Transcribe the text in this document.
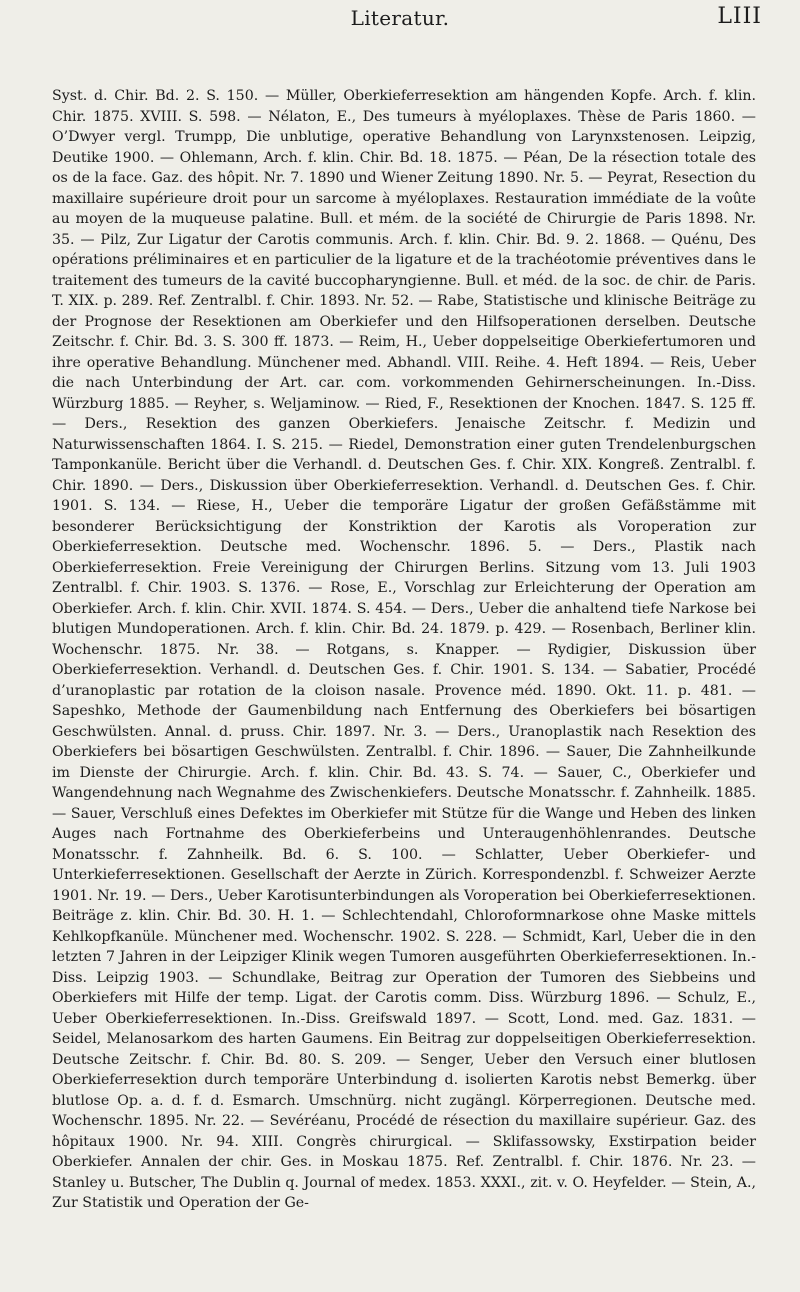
Literatur.	LIII

Syst. d. Chir. Bd. 2. S. 150. — Müller, Oberkieferresektion am hängenden Kopfe. Arch. f. klin. Chir. 1875. XVIII. S. 598. — Nélaton, E., Des tumeurs à myéloplaxes. Thèse de Paris 1860. — O’Dwyer vergl. Trumpp, Die unblutige, operative Behandlung von Larynxstenosen. Leipzig, Deutike 1900. — Ohlemann, Arch. f. klin. Chir. Bd. 18. 1875. — Péan, De la résection totale des os de la face. Gaz. des hôpit. Nr. 7. 1890 und Wiener Zeitung 1890. Nr. 5. — Peyrat, Resection du maxillaire supérieure droit pour un sarcome à myéloplaxes. Restauration immédiate de la voûte au moyen de la muqueuse palatine. Bull. et mém. de la société de Chirurgie de Paris 1898. Nr. 35. — Pilz, Zur Ligatur der Carotis communis. Arch. f. klin. Chir. Bd. 9. 2. 1868. — Quénu, Des opérations préliminaires et en particulier de la ligature et de la trachéotomie préventives dans le traitement des tumeurs de la cavité buccopharyngienne. Bull. et méd. de la soc. de chir. de Paris. T. XIX. p. 289. Ref. Zentralbl. f. Chir. 1893. Nr. 52. — Rabe, Statistische und klinische Beiträge zu der Prognose der Resektionen am Oberkiefer und den Hilfsoperationen derselben. Deutsche Zeitschr. f. Chir. Bd. 3. S. 300 ff. 1873. — Reim, H., Ueber doppelseitige Oberkiefertumoren und ihre operative Behandlung. Münchener med. Abhandl. VIII. Reihe. 4. Heft 1894. — Reis, Ueber die nach Unterbindung der Art. car. com. vorkommenden Gehirnerscheinungen. In.-Diss. Würzburg 1885. — Reyher, s. Weljaminow. — Ried, F., Resektionen der Knochen. 1847. S. 125 ff. — Ders., Resektion des ganzen Oberkiefers. Jenaische Zeitschr. f. Medizin und Naturwissenschaften 1864. I. S. 215. — Riedel, Demonstration einer guten Trendelenburgschen Tamponkanüle. Bericht über die Verhandl. d. Deutschen Ges. f. Chir. XIX. Kongreß. Zentralbl. f. Chir. 1890. — Ders., Diskussion über Oberkieferresektion. Verhandl. d. Deutschen Ges. f. Chir. 1901. S. 134. — Riese, H., Ueber die temporäre Ligatur der großen Gefäßstämme mit besonderer Berücksichtigung der Konstriktion der Karotis als Voroperation zur Oberkieferresektion. Deutsche med. Wochenschr. 1896. 5. — Ders., Plastik nach Oberkieferresektion. Freie Vereinigung der Chirurgen Berlins. Sitzung vom 13. Juli 1903 Zentralbl. f. Chir. 1903. S. 1376. — Rose, E., Vorschlag zur Erleichterung der Operation am Oberkiefer. Arch. f. klin. Chir. XVII. 1874. S. 454. — Ders., Ueber die anhaltend tiefe Narkose bei blutigen Mundoperationen. Arch. f. klin. Chir. Bd. 24. 1879. p. 429. — Rosenbach, Berliner klin. Wochenschr. 1875. Nr. 38. — Rotgans, s. Knapper. — Rydigier, Diskussion über Oberkieferresektion. Verhandl. d. Deutschen Ges. f. Chir. 1901. S. 134. — Sabatier, Procédé d’uranoplastic par rotation de la cloison nasale. Provence méd. 1890. Okt. 11. p. 481. — Sapeshko, Methode der Gaumenbildung nach Entfernung des Oberkiefers bei bösartigen Geschwülsten. Annal. d. pruss. Chir. 1897. Nr. 3. — Ders., Uranoplastik nach Resektion des Oberkiefers bei bösartigen Geschwülsten. Zentralbl. f. Chir. 1896. — Sauer, Die Zahnheilkunde im Dienste der Chirurgie. Arch. f. klin. Chir. Bd. 43. S. 74. — Sauer, C., Oberkiefer und Wangendehnung nach Wegnahme des Zwischenkiefers. Deutsche Monatsschr. f. Zahnheilk. 1885. — Sauer, Verschluß eines Defektes im Oberkiefer mit Stütze für die Wange und Heben des linken Auges nach Fortnahme des Oberkieferbeins und Unteraugenhöhlenrandes. Deutsche Monatsschr. f. Zahnheilk. Bd. 6. S. 100. — Schlatter, Ueber Oberkiefer- und Unterkieferresektionen. Gesellschaft der Aerzte in Zürich. Korrespondenzbl. f. Schweizer Aerzte 1901. Nr. 19. — Ders., Ueber Karotisunterbindungen als Voroperation bei Oberkieferresektionen. Beiträge z. klin. Chir. Bd. 30. H. 1. — Schlechtendahl, Chloroformnarkose ohne Maske mittels Kehlkopfkanüle. Münchener med. Wochenschr. 1902. S. 228. — Schmidt, Karl, Ueber die in den letzten 7 Jahren in der Leipziger Klinik wegen Tumoren ausgeführten Oberkieferresektionen. In.-Diss. Leipzig 1903. — Schundlake, Beitrag zur Operation der Tumoren des Siebbeins und Oberkiefers mit Hilfe der temp. Ligat. der Carotis comm. Diss. Würzburg 1896. — Schulz, E., Ueber Oberkieferresektionen. In.-Diss. Greifswald 1897. — Scott, Lond. med. Gaz. 1831. — Seidel, Melanosarkom des harten Gaumens. Ein Beitrag zur doppelseitigen Oberkieferresektion. Deutsche Zeitschr. f. Chir. Bd. 80. S. 209. — Senger, Ueber den Versuch einer blutlosen Oberkieferresektion durch temporäre Unterbindung d. isolierten Karotis nebst Bemerkg. über blutlose Op. a. d. f. d. Esmarch. Umschnürg. nicht zugängl. Körperregionen. Deutsche med. Wochenschr. 1895. Nr. 22. — Sevéréanu, Procédé de résection du maxillaire supérieur. Gaz. des hôpitaux 1900. Nr. 94. XIII. Congrès chirurgical. — Sklifassowsky, Exstirpation beider Oberkiefer. Annalen der chir. Ges. in Moskau 1875. Ref. Zentralbl. f. Chir. 1876. Nr. 23. — Stanley u. Butscher, The Dublin q. Journal of medex. 1853. XXXI., zit. v. O. Heyfelder. — Stein, A., Zur Statistik und Operation der Ge-
